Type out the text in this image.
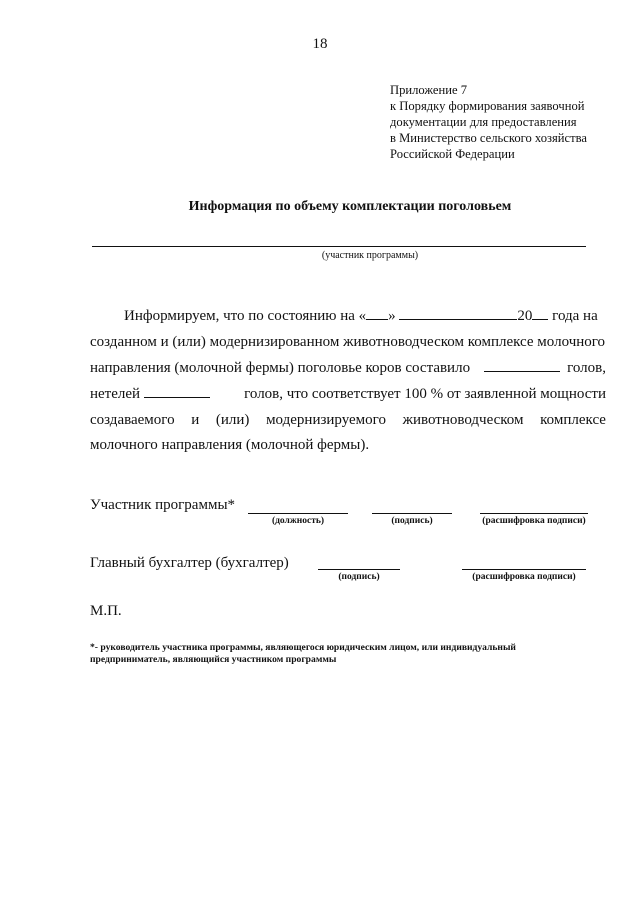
18
Приложение 7
к Порядку формирования заявочной
документации для предоставления
в Министерство сельского хозяйства
Российской Федерации
Информация по объему комплектации поголовьем
(участник программы)
Информируем, что по состоянию на « »	20 года на
созданном и (или) модернизированном животноводческом комплексе молочного
направления (молочной фермы) поголовье коров составило	голов,
нетелей	голов, что соответствует 100 % от заявленной мощности
создаваемого и (или) модернизируемого животноводческом комплексе
молочного направления (молочной фермы).
Участник программы*
(должность)	(подпись)	(расшифровка подписи)
Главный бухгалтер (бухгалтер)
(подпись)	(расшифровка подписи)
М.П.
*- руководитель участника программы, являющегося юридическим лицом, или индивидуальный
предприниматель, являющийся участником программы
